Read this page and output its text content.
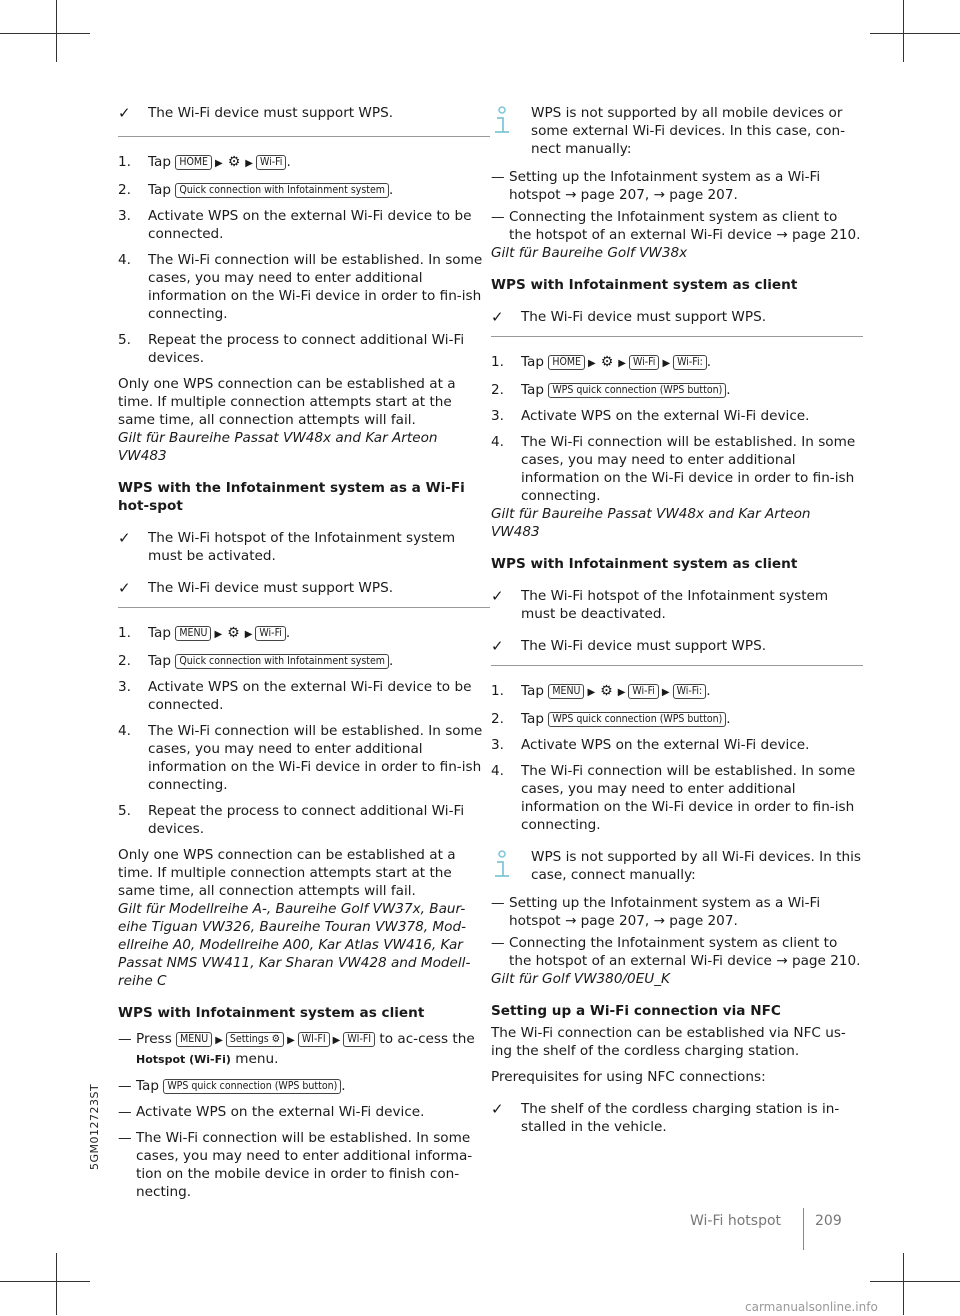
5GM012723ST
✓ The Wi-Fi device must support WPS.
1. Tap HOME ▶ ⚙ ▶ Wi-Fi .
2. Tap Quick connection with Infotainment system .
3. Activate WPS on the external Wi-Fi device to be connected.
4. The Wi-Fi connection will be established. In some cases, you may need to enter additional information on the Wi-Fi device in order to fin-ish connecting.
5. Repeat the process to connect additional Wi-Fi devices.
Only one WPS connection can be established at a time. If multiple connection attempts start at the same time, all connection attempts will fail.
Gilt für Baureihe Passat VW48x and Kar Arteon VW483
WPS with the Infotainment system as a Wi-Fi hot-spot
✓ The Wi-Fi hotspot of the Infotainment system must be activated.
✓ The Wi-Fi device must support WPS.
1. Tap MENU ▶ ⚙ ▶ Wi-Fi .
2. Tap Quick connection with Infotainment system .
3. Activate WPS on the external Wi-Fi device to be connected.
4. The Wi-Fi connection will be established. In some cases, you may need to enter additional information on the Wi-Fi device in order to fin-ish connecting.
5. Repeat the process to connect additional Wi-Fi devices.
Only one WPS connection can be established at a time. If multiple connection attempts start at the same time, all connection attempts will fail.
Gilt für Modellreihe A-, Baureihe Golf VW37x, Baur-eihe Tiguan VW326, Baureihe Touran VW378, Mod-ellreihe A0, Modellreihe A00, Kar Atlas VW416, Kar Passat NMS VW411, Kar Sharan VW428 and Modell-reihe C
WPS with Infotainment system as client
— Press MENU ▶ Settings ⚙ ▶ WI-FI ▶ WI-FI to ac-cess the Hotspot (Wi-Fi) menu.
— Tap WPS quick connection (WPS button) .
— Activate WPS on the external Wi-Fi device.
— The Wi-Fi connection will be established. In some cases, you may need to enter additional informa-tion on the mobile device in order to finish con-necting.
WPS is not supported by all mobile devices or some external Wi-Fi devices. In this case, con-nect manually:
— Setting up the Infotainment system as a Wi-Fi hotspot → page 207, → page 207.
— Connecting the Infotainment system as client to the hotspot of an external Wi-Fi device → page 210.
Gilt für Baureihe Golf VW38x
WPS with Infotainment system as client
✓ The Wi-Fi device must support WPS.
1. Tap HOME ▶ ⚙ ▶ Wi-Fi ▶ Wi-Fi: .
2. Tap WPS quick connection (WPS button) .
3. Activate WPS on the external Wi-Fi device.
4. The Wi-Fi connection will be established. In some cases, you may need to enter additional information on the Wi-Fi device in order to fin-ish connecting.
Gilt für Baureihe Passat VW48x and Kar Arteon VW483
WPS with Infotainment system as client
✓ The Wi-Fi hotspot of the Infotainment system must be deactivated.
✓ The Wi-Fi device must support WPS.
1. Tap MENU ▶ ⚙ ▶ Wi-Fi ▶ Wi-Fi: .
2. Tap WPS quick connection (WPS button) .
3. Activate WPS on the external Wi-Fi device.
4. The Wi-Fi connection will be established. In some cases, you may need to enter additional information on the Wi-Fi device in order to fin-ish connecting.
WPS is not supported by all Wi-Fi devices. In this case, connect manually:
— Setting up the Infotainment system as a Wi-Fi hotspot → page 207, → page 207.
— Connecting the Infotainment system as client to the hotspot of an external Wi-Fi device → page 210.
Gilt für Golf VW380/0EU_K
Setting up a Wi-Fi connection via NFC
The Wi-Fi connection can be established via NFC us-ing the shelf of the cordless charging station.
Prerequisites for using NFC connections:
✓ The shelf of the cordless charging station is in-stalled in the vehicle.
Wi-Fi hotspot 209
carmanualsonline.info
